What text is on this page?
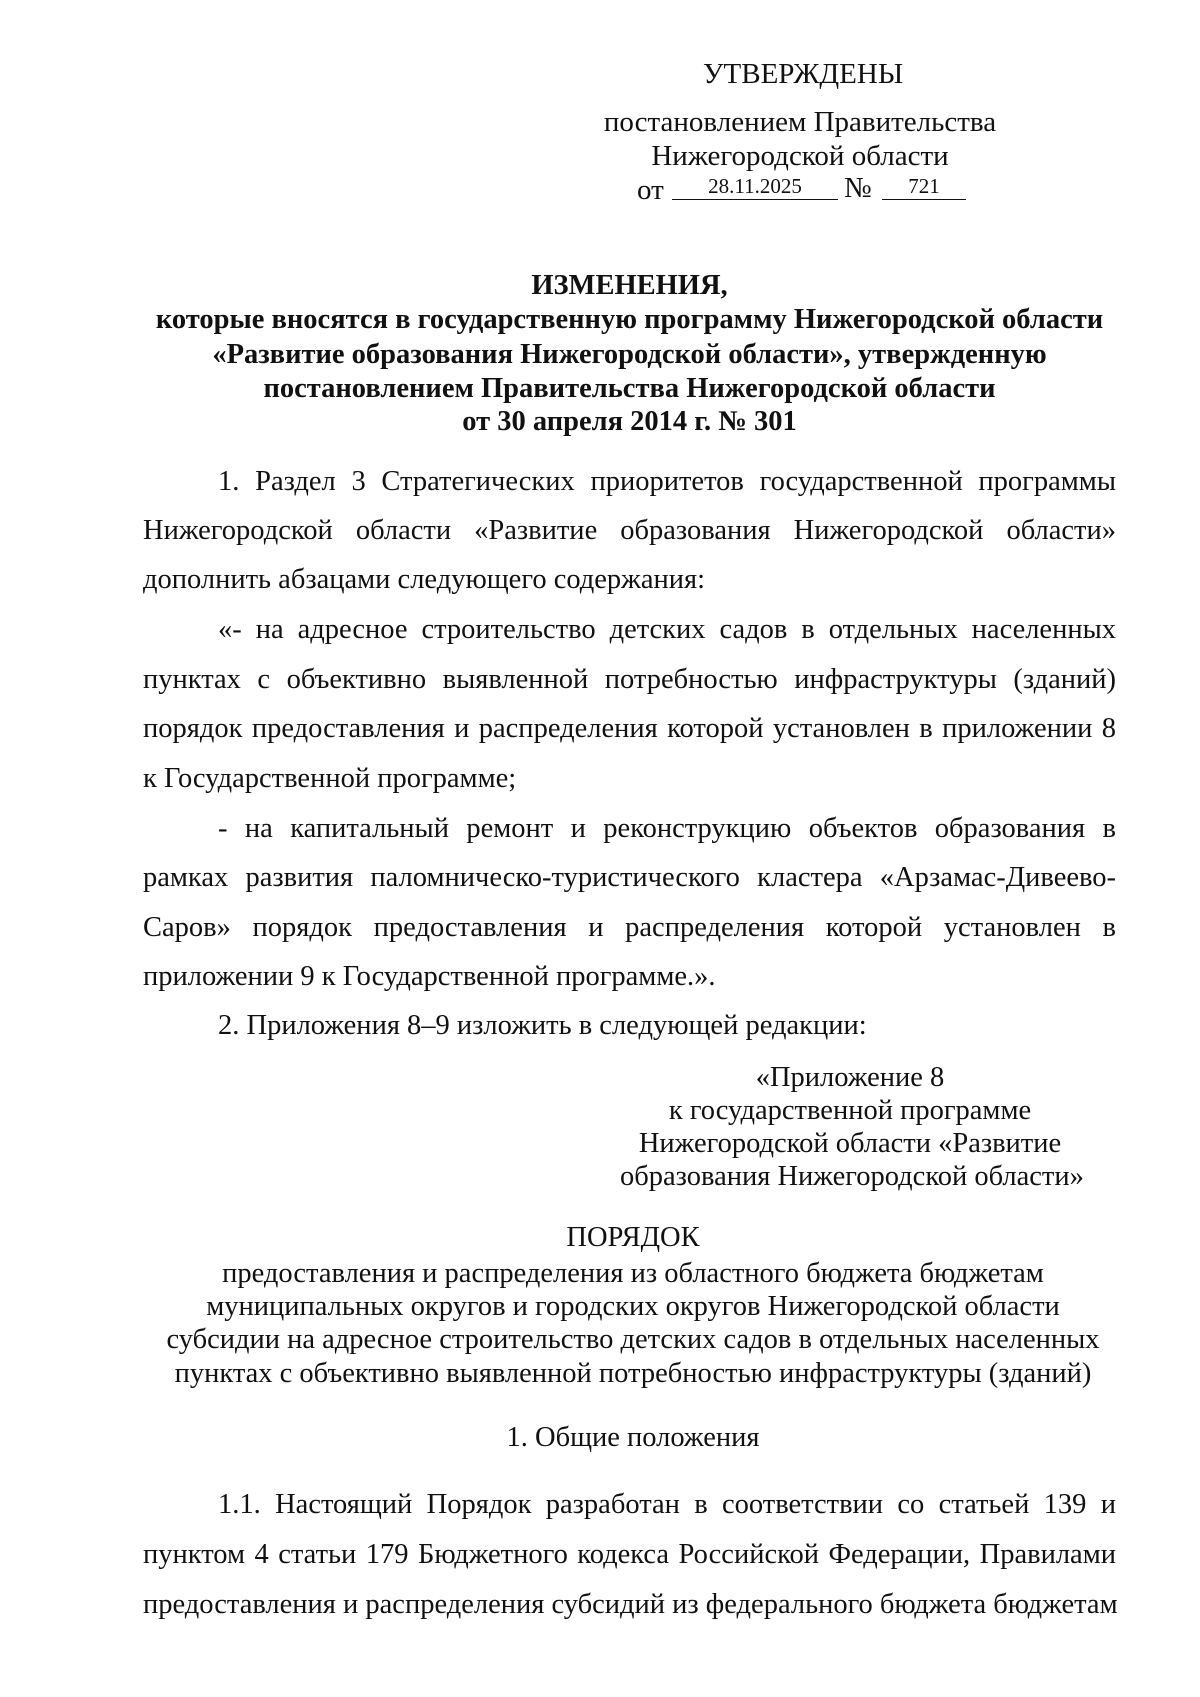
УТВЕРЖДЕНЫ
постановлением Правительства
Нижегородской области
от	28.11.2025	№	721
ИЗМЕНЕНИЯ,
которые вносятся в государственную программу Нижегородской области
«Развитие образования Нижегородской области», утвержденную
постановлением Правительства Нижегородской области
от 30 апреля 2014 г. № 301
1. Раздел 3 Стратегических приоритетов государственной программы
Нижегородской области «Развитие образования Нижегородской области»
дополнить абзацами следующего содержания:
«- на адресное строительство детских садов в отдельных населенных
пунктах с объективно выявленной потребностью инфраструктуры (зданий)
порядок предоставления и распределения которой установлен в приложении 8
к Государственной программе;
- на капитальный ремонт и реконструкцию объектов образования в
рамках развития паломническо-туристического кластера «Арзамас-Дивеево-
Саров» порядок предоставления и распределения которой установлен в
приложении 9 к Государственной программе.».
2. Приложения 8–9 изложить в следующей редакции:
«Приложение 8
к государственной программе
Нижегородской области «Развитие
образования Нижегородской области»
ПОРЯДОК
предоставления и распределения из областного бюджета бюджетам
муниципальных округов и городских округов Нижегородской области
субсидии на адресное строительство детских садов в отдельных населенных
пунктах с объективно выявленной потребностью инфраструктуры (зданий)
1. Общие положения
1.1. Настоящий Порядок разработан в соответствии со статьей 139 и
пунктом 4 статьи 179 Бюджетного кодекса Российской Федерации, Правилами
предоставления и распределения субсидий из федерального бюджета бюджетам
